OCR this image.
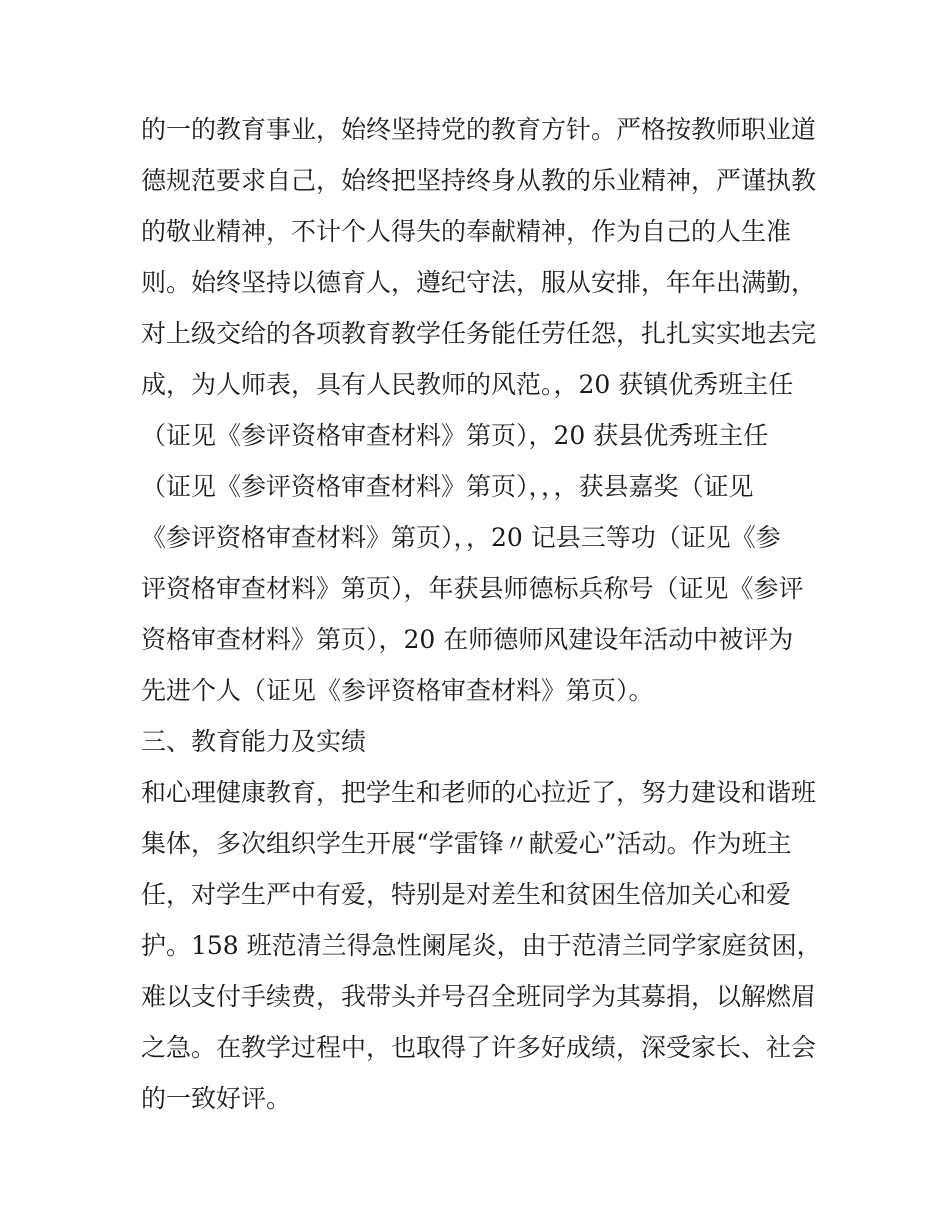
的一的教育事业，始终坚持党的教育方针。严格按教师职业道
德规范要求自己，始终把坚持终身从教的乐业精神，严谨执教
的敬业精神，不计个人得失的奉献精神，作为自己的人生准
则。始终坚持以德育人，遵纪守法，服从安排，年年出满勤，
对上级交给的各项教育教学任务能任劳任怨，扎扎实实地去完
成，为人师表，具有人民教师的风范。，20 获镇优秀班主任
（证见《参评资格审查材料》第页），20 获县优秀班主任
（证见《参评资格审查材料》第页），，，获县嘉奖（证见
《参评资格审查材料》第页），，20 记县三等功（证见《参
评资格审查材料》第页），年获县师德标兵称号（证见《参评
资格审查材料》第页），20 在师德师风建设年活动中被评为
先进个人（证见《参评资格审查材料》第页）。
三、教育能力及实绩
和心理健康教育，把学生和老师的心拉近了，努力建设和谐班
集体，多次组织学生开展“学雷锋〃献爱心”活动。作为班主
任，对学生严中有爱，特别是对差生和贫困生倍加关心和爱
护。158 班范清兰得急性阑尾炎，由于范清兰同学家庭贫困，
难以支付手续费，我带头并号召全班同学为其募捐，以解燃眉
之急。在教学过程中，也取得了许多好成绩，深受家长、社会
的一致好评。
